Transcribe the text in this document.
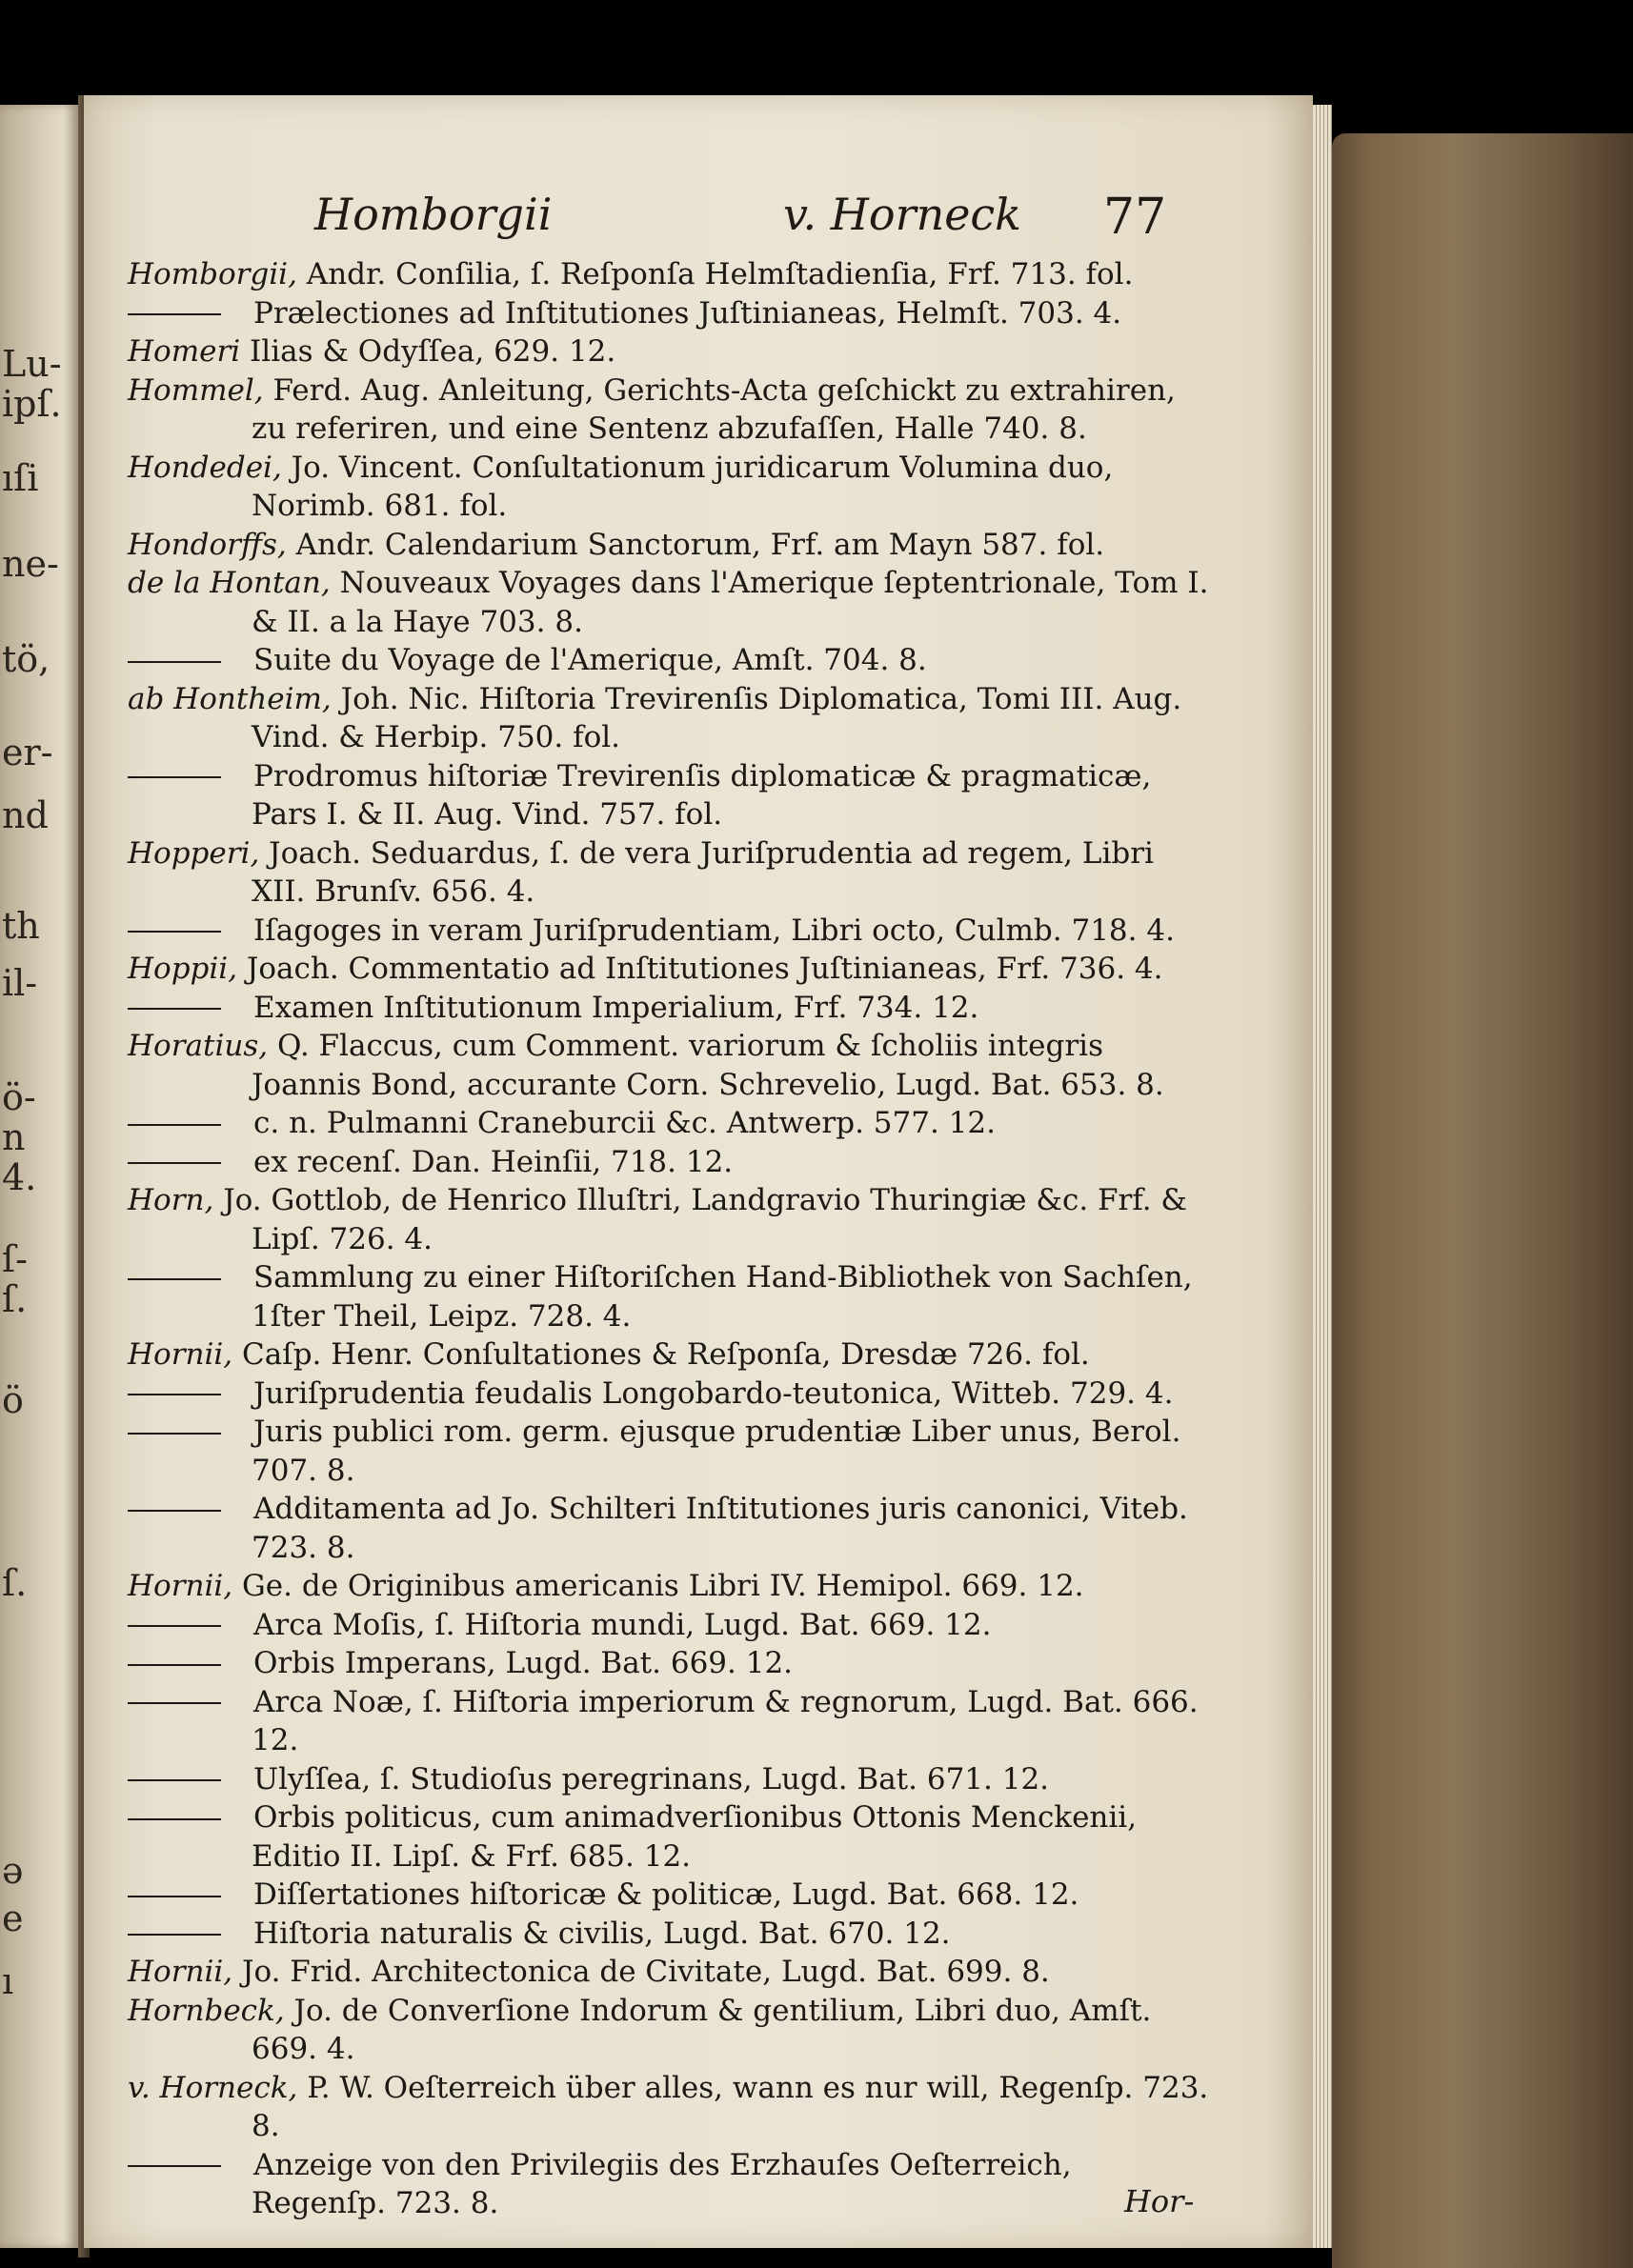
Lu-
ipſ.
ıſi
ne-
tö,
er-
nd
th
il-
ö-
n
4.
ſ-
ſ.
ö
ſ.
ə
e
ı
Homborgii	v. Horneck 77

Homborgii, Andr. Conſilia, ſ. Reſponſa Helmſtadienſia, Frf. 713. fol.

Prælectiones ad Inſtitutiones Juſtinianeas, Helmſt. 703. 4.

Homeri Ilias & Odyſſea, 629. 12.

Hommel, Ferd. Aug. Anleitung, Gerichts-Acta geſchickt zu extrahiren, zu referiren, und eine Sentenz abzufaſſen, Halle 740. 8.

Hondedei, Jo. Vincent. Conſultationum juridicarum Volumina duo, Norimb. 681. fol.

Hondorffs, Andr. Calendarium Sanctorum, Frf. am Mayn 587. fol.

de la Hontan, Nouveaux Voyages dans l'Amerique ſeptentrionale, Tom I. & II. a la Haye 703. 8.

Suite du Voyage de l'Amerique, Amſt. 704. 8.

ab Hontheim, Joh. Nic. Hiſtoria Trevirenſis Diplomatica, Tomi III. Aug. Vind. & Herbip. 750. fol.

Prodromus hiſtoriæ Trevirenſis diplomaticæ & pragmaticæ, Pars I. & II. Aug. Vind. 757. fol.

Hopperi, Joach. Seduardus, ſ. de vera Juriſprudentia ad regem, Libri XII. Brunſv. 656. 4.

Iſagoges in veram Juriſprudentiam, Libri octo, Culmb. 718. 4.

Hoppii, Joach. Commentatio ad Inſtitutiones Juſtinianeas, Frf. 736. 4.

Examen Inſtitutionum Imperialium, Frf. 734. 12.

Horatius, Q. Flaccus, cum Comment. variorum & ſcholiis integris Joannis Bond, accurante Corn. Schrevelio, Lugd. Bat. 653. 8.

c. n. Pulmanni Craneburcii &c. Antwerp. 577. 12.

ex recenſ. Dan. Heinſii, 718. 12.

Horn, Jo. Gottlob, de Henrico Illuſtri, Landgravio Thuringiæ &c. Frf. & Lipſ. 726. 4.

Sammlung zu einer Hiſtoriſchen Hand-Bibliothek von Sachſen, 1ſter Theil, Leipz. 728. 4.

Hornii, Caſp. Henr. Conſultationes & Reſponſa, Dresdæ 726. fol.

Juriſprudentia feudalis Longobardo-teutonica, Witteb. 729. 4.

Juris publici rom. germ. ejusque prudentiæ Liber unus, Berol. 707. 8.

Additamenta ad Jo. Schilteri Inſtitutiones juris canonici, Viteb. 723. 8.

Hornii, Ge. de Originibus americanis Libri IV. Hemipol. 669. 12.

Arca Moſis, ſ. Hiſtoria mundi, Lugd. Bat. 669. 12.

Orbis Imperans, Lugd. Bat. 669. 12.

Arca Noæ, ſ. Hiſtoria imperiorum & regnorum, Lugd. Bat. 666. 12.

Ulyſſea, ſ. Studioſus peregrinans, Lugd. Bat. 671. 12.

Orbis politicus, cum animadverſionibus Ottonis Menckenii, Editio II. Lipſ. & Frf. 685. 12.

Diſſertationes hiſtoricæ & politicæ, Lugd. Bat. 668. 12.

Hiſtoria naturalis & civilis, Lugd. Bat. 670. 12.

Hornii, Jo. Frid. Architectonica de Civitate, Lugd. Bat. 699. 8.

Hornbeck, Jo. de Converſione Indorum & gentilium, Libri duo, Amſt. 669. 4.

v. Horneck, P. W. Oeſterreich über alles, wann es nur will, Regenſp. 723. 8.

Anzeige von den Privilegiis des Erzhauſes Oeſterreich, Regenſp. 723. 8.	Hor-
